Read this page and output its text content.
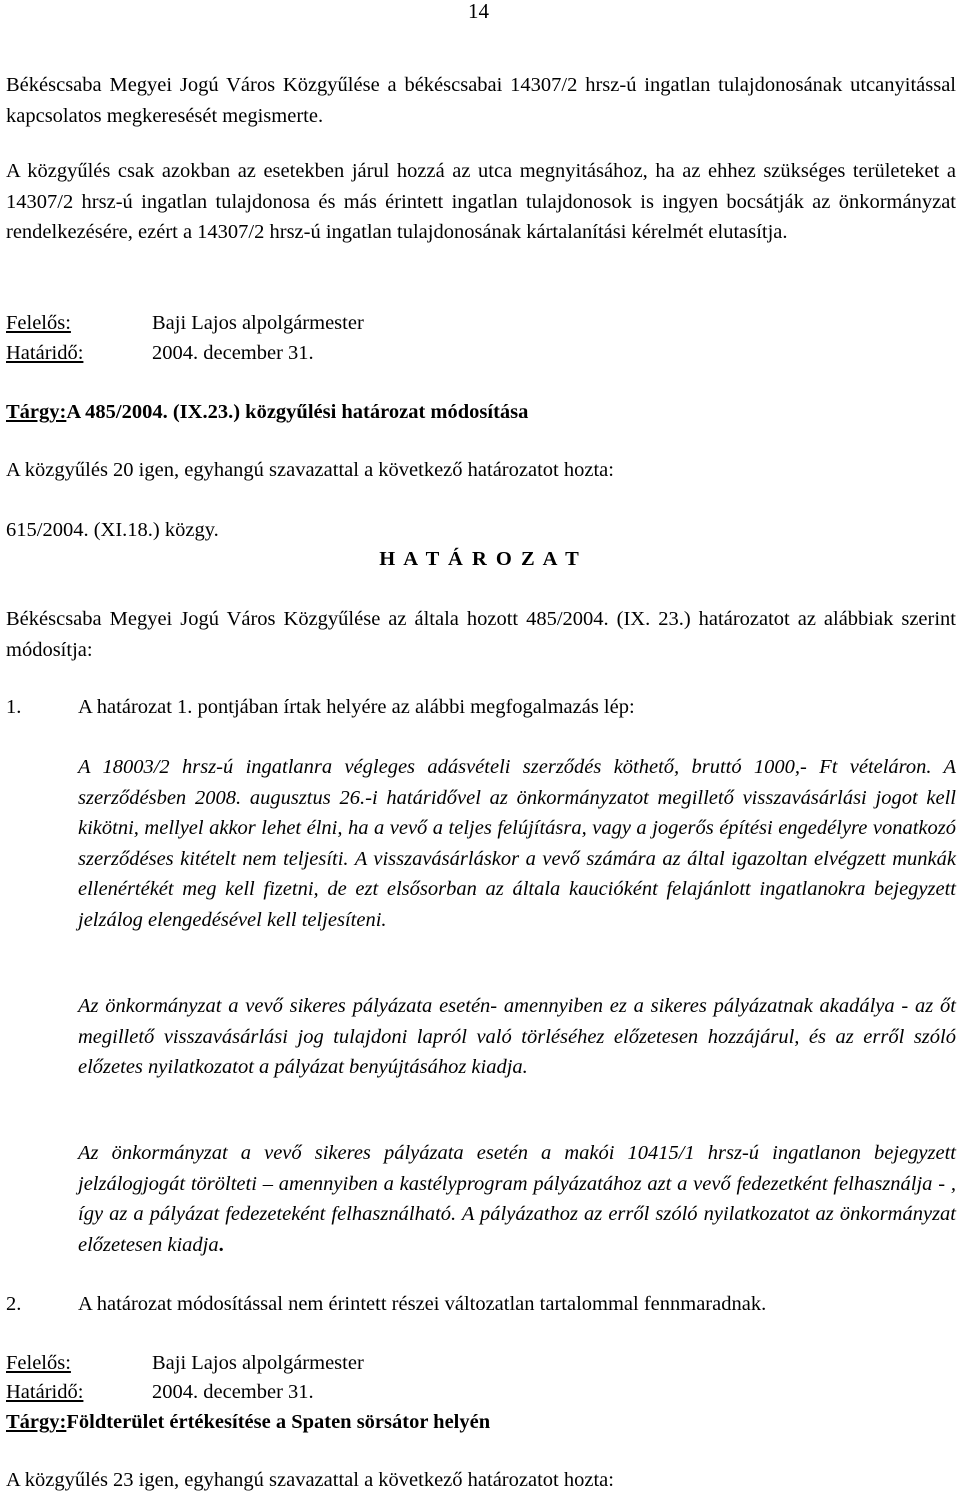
14
Békéscsaba Megyei Jogú Város Közgyűlése a békéscsabai 14307/2 hrsz-ú ingatlan tulajdonosának utcanyitással kapcsolatos megkeresését megismerte.
A közgyűlés csak azokban az esetekben járul hozzá az utca megnyitásához, ha az ehhez szükséges területeket a 14307/2 hrsz-ú ingatlan tulajdonosa és más érintett ingatlan tulajdonosok is ingyen bocsátják az önkormányzat rendelkezésére, ezért a 14307/2 hrsz-ú ingatlan tulajdonosának kártalanítási kérelmét elutasítja.
Felelős:	Baji Lajos alpolgármester
Határidő:	2004. december 31.
Tárgy:A 485/2004. (IX.23.) közgyűlési határozat módosítása
A közgyűlés 20 igen, egyhangú szavazattal a következő határozatot hozta:
615/2004. (XI.18.) közgy.
H A T Á R O Z A T
Békéscsaba Megyei Jogú Város Közgyűlése az általa hozott 485/2004. (IX. 23.) határozatot az alábbiak szerint módosítja:
1.	A határozat 1. pontjában írtak helyére az alábbi megfogalmazás lép:
A 18003/2 hrsz-ú ingatlanra végleges adásvételi szerződés köthető, bruttó 1000,- Ft vételáron. A szerződésben 2008. augusztus 26.-i határidővel az önkormányzatot megillető visszavásárlási jogot kell kikötni, mellyel akkor lehet élni, ha a vevő a teljes felújításra, vagy a jogerős építési engedélyre vonatkozó szerződéses kitételt nem teljesíti. A visszavásárláskor a vevő számára az által igazoltan elvégzett munkák ellenértékét meg kell fizetni, de ezt elsősorban az általa kaucióként felajánlott ingatlanokra bejegyzett jelzálog elengedésével kell teljesíteni.
Az önkormányzat a vevő sikeres pályázata esetén- amennyiben ez a sikeres pályázatnak akadálya - az őt megillető visszavásárlási jog tulajdoni lapról való törléséhez előzetesen hozzájárul, és az erről szóló előzetes nyilatkozatot a pályázat benyújtásához kiadja.
Az önkormányzat a vevő sikeres pályázata esetén a makói 10415/1 hrsz-ú ingatlanon bejegyzett jelzálogjogát törölteti – amennyiben a kastélyprogram pályázatához azt a vevő fedezetként felhasználja - , így az a pályázat fedezeteként felhasználható. A pályázathoz az erről szóló nyilatkozatot az önkormányzat előzetesen kiadja.
2.	A határozat módosítással nem érintett részei változatlan tartalommal fennmaradnak.
Felelős:	Baji Lajos alpolgármester
Határidő:	2004. december 31.
Tárgy:Földterület értékesítése a Spaten sörsátor helyén
A közgyűlés 23 igen, egyhangú szavazattal a következő határozatot hozta:
